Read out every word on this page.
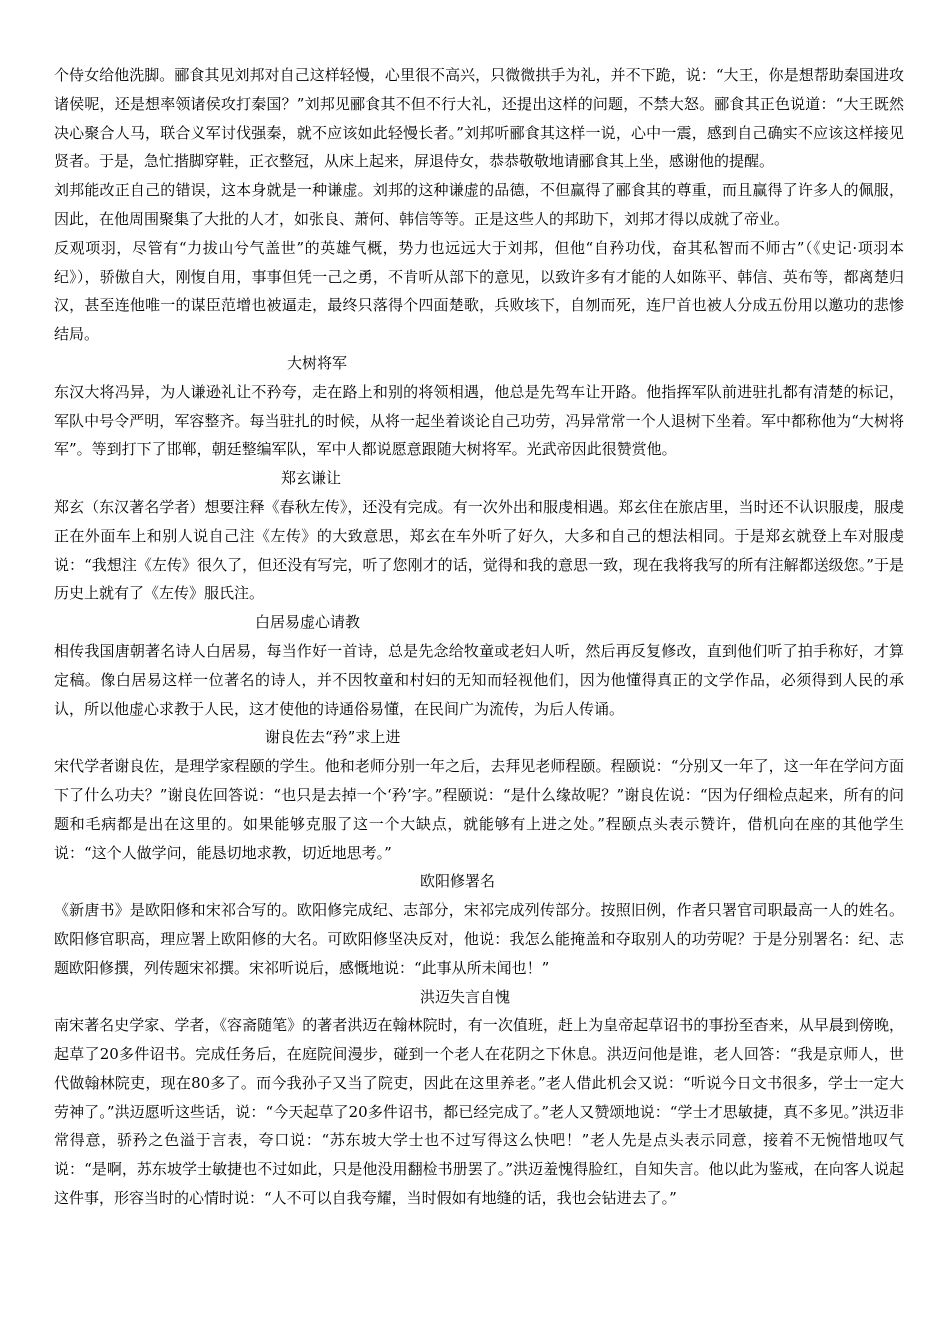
个侍女给他洗脚。郦食其见刘邦对自己这样轻慢，心里很不高兴，只微微拱手为礼，并不下跪，说：“大王，你是想帮助秦国进攻诸侯呢，还是想率领诸侯攻打秦国？”刘邦见郦食其不但不行大礼，还提出这样的问题，不禁大怒。郦食其正色说道：“大王既然决心聚合人马，联合义军讨伐强秦，就不应该如此轻慢长者。”刘邦听郦食其这样一说，心中一震，感到自己确实不应该这样接见贤者。于是，急忙揩脚穿鞋，正衣整冠，从床上起来，屏退侍女，恭恭敬敬地请郦食其上坐，感谢他的提醒。

刘邦能改正自己的错误，这本身就是一种谦虚。刘邦的这种谦虚的品德，不但赢得了郦食其的尊重，而且赢得了许多人的佩服，因此，在他周围聚集了大批的人才，如张良、萧何、韩信等等。正是这些人的邦助下，刘邦才得以成就了帝业。

反观项羽，尽管有“力拔山兮气盖世”的英雄气概，势力也远远大于刘邦，但他“自矜功伐，奋其私智而不师古”（《史记·项羽本纪》），骄傲自大，刚愎自用，事事但凭一己之勇，不肯听从部下的意见，以致许多有才能的人如陈平、韩信、英布等，都离楚归汉，甚至连他唯一的谋臣范增也被逼走，最终只落得个四面楚歌，兵败垓下，自刎而死，连尸首也被人分成五份用以邀功的悲惨结局。

大树将军

东汉大将冯异，为人谦逊礼让不矜夸，走在路上和别的将领相遇，他总是先驾车让开路。他指挥军队前进驻扎都有清楚的标记，军队中号令严明，军容整齐。每当驻扎的时候，从将一起坐着谈论自己功劳，冯异常常一个人退树下坐着。军中都称他为“大树将军”。等到打下了邯郸，朝廷整编军队，军中人都说愿意跟随大树将军。光武帝因此很赞赏他。

郑玄谦让

郑玄（东汉著名学者）想要注释《春秋左传》，还没有完成。有一次外出和服虔相遇。郑玄住在旅店里，当时还不认识服虔，服虔正在外面车上和别人说自己注《左传》的大致意思，郑玄在车外听了好久，大多和自己的想法相同。于是郑玄就登上车对服虔说：“我想注《左传》很久了，但还没有写完，听了您刚才的话，觉得和我的意思一致，现在我将我写的所有注解都送级您。”于是历史上就有了《左传》服氏注。

白居易虚心请教

相传我国唐朝著名诗人白居易，每当作好一首诗，总是先念给牧童或老妇人听，然后再反复修改，直到他们听了拍手称好，才算定稿。像白居易这样一位著名的诗人，并不因牧童和村妇的无知而轻视他们，因为他懂得真正的文学作品，必须得到人民的承认，所以他虚心求教于人民，这才使他的诗通俗易懂，在民间广为流传，为后人传诵。

谢良佐去“矜”求上进

宋代学者谢良佐，是理学家程颐的学生。他和老师分别一年之后，去拜见老师程颐。程颐说：“分别又一年了，这一年在学问方面下了什么功夫？”谢良佐回答说：“也只是去掉一个‘矜’字。”程颐说：“是什么缘故呢？”谢良佐说：“因为仔细检点起来，所有的问题和毛病都是出在这里的。如果能够克服了这一个大缺点，就能够有上进之处。”程颐点头表示赞许，借机向在座的其他学生说：“这个人做学问，能恳切地求教，切近地思考。”

欧阳修署名

《新唐书》是欧阳修和宋祁合写的。欧阳修完成纪、志部分，宋祁完成列传部分。按照旧例，作者只署官司职最高一人的姓名。欧阳修官职高，理应署上欧阳修的大名。可欧阳修坚决反对，他说：我怎么能掩盖和夺取别人的功劳呢？于是分别署名：纪、志题欧阳修撰，列传题宋祁撰。宋祁听说后，感慨地说：“此事从所未闻也！”

洪迈失言自愧

南宋著名史学家、学者，《容斋随笔》的著者洪迈在翰林院时，有一次值班，赶上为皇帝起草诏书的事扮至杳来，从早晨到傍晚，起草了20多件诏书。完成任务后，在庭院间漫步，碰到一个老人在花阴之下休息。洪迈问他是谁，老人回答：“我是京师人，世代做翰林院吏，现在80多了。而今我孙子又当了院吏，因此在这里养老。”老人借此机会又说：“听说今日文书很多，学士一定大劳神了。”洪迈愿听这些话，说：“今天起草了20多件诏书，都已经完成了。”老人又赞颂地说：“学士才思敏捷，真不多见。”洪迈非常得意，骄矜之色溢于言表，夸口说：“苏东坡大学士也不过写得这么快吧！”老人先是点头表示同意，接着不无惋惜地叹气说：“是啊，苏东坡学士敏捷也不过如此，只是他没用翻检书册罢了。”洪迈羞愧得脸红，自知失言。他以此为鉴戒，在向客人说起这件事，形容当时的心情时说：“人不可以自我夸耀，当时假如有地缝的话，我也会钻进去了。”
